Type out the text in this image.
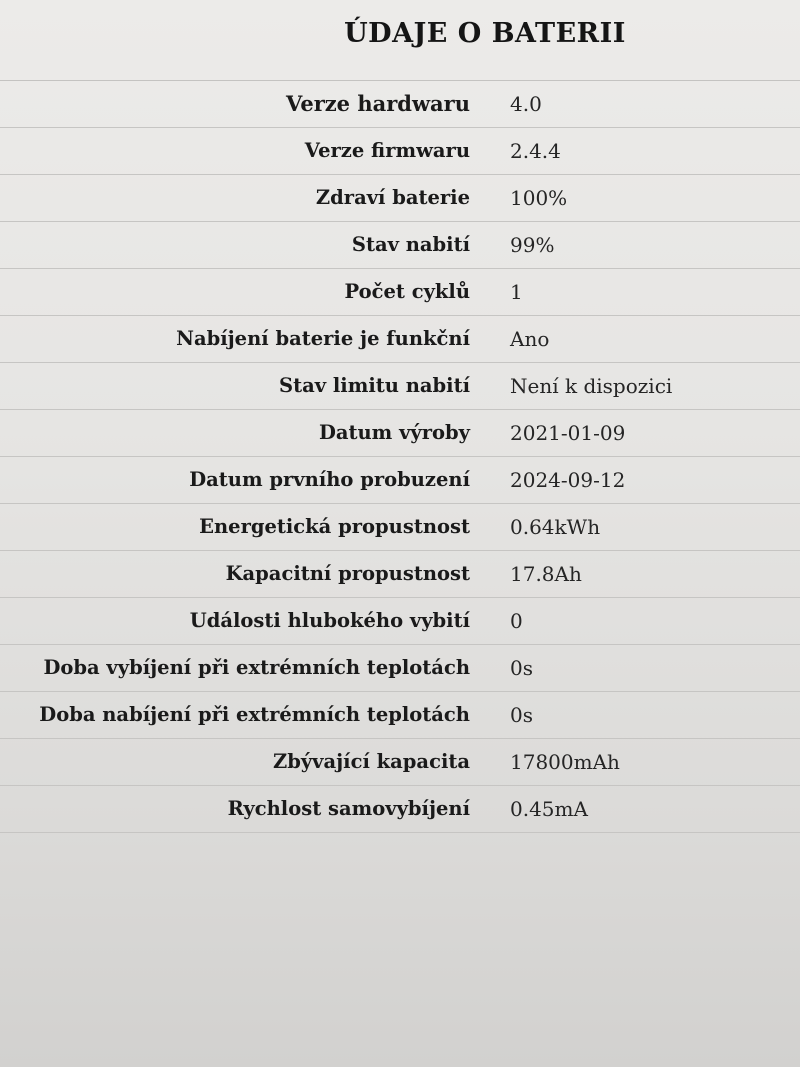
ÚDAJE O BATERII
Verze hardwaru 4.0
Verze firmwaru 2.4.4
Zdraví baterie 100%
Stav nabití 99%
Počet cyklů 1
Nabíjení baterie je funkční Ano
Stav limitu nabití Není k dispozici
Datum výroby 2021-01-09
Datum prvního probuzení 2024-09-12
Energetická propustnost 0.64kWh
Kapacitní propustnost 17.8Ah
Události hlubokého vybití 0
Doba vybíjení při extrémních teplotách 0s
Doba nabíjení při extrémních teplotách 0s
Zbývající kapacita 17800mAh
Rychlost samovybíjení 0.45mA
